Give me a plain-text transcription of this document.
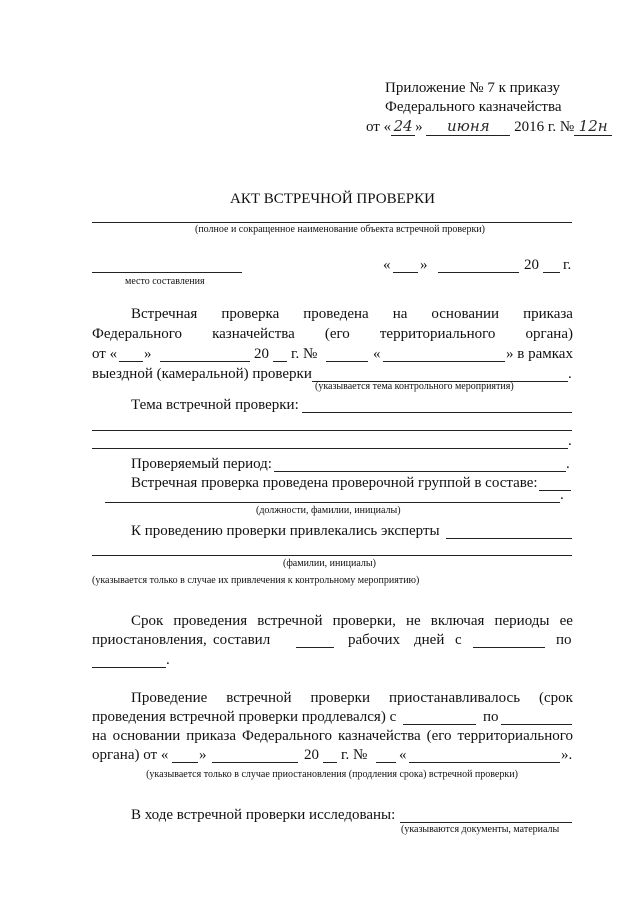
Приложение № 7 к приказу
Федерального казначейства
от « 24 » июня 2016 г. № 12н
АКТ ВСТРЕЧНОЙ ПРОВЕРКИ
(полное и сокращенное наименование объекта встречной проверки)
место составления
« »	20 г.
Встречная проверка проведена на основании приказа
Федерального казначейства (его территориального органа)
от « »	20 г. №	«	» в рамках
выездной (камеральной) проверки	.
(указывается тема контрольного мероприятия)
Тема встречной проверки:
.
Проверяемый период:	.
Встречная проверка проведена проверочной группой в составе:
.
(должности, фамилии, инициалы)
К проведению проверки привлекались эксперты
(фамилии, инициалы)
(указывается только в случае их привлечения к контрольному мероприятию)
Срок проведения встречной проверки, не включая периоды ее
приостановления, составил	рабочих дней с	по
.
Проведение встречной проверки приостанавливалось (срок
проведения встречной проверки продлевался) с	по
на основании приказа Федерального казначейства (его территориального
органа) от « »	20 г. № «	».
(указывается только в случае приостановления (продления срока) встречной проверки)
В ходе встречной проверки исследованы:
(указываются документы, материалы
